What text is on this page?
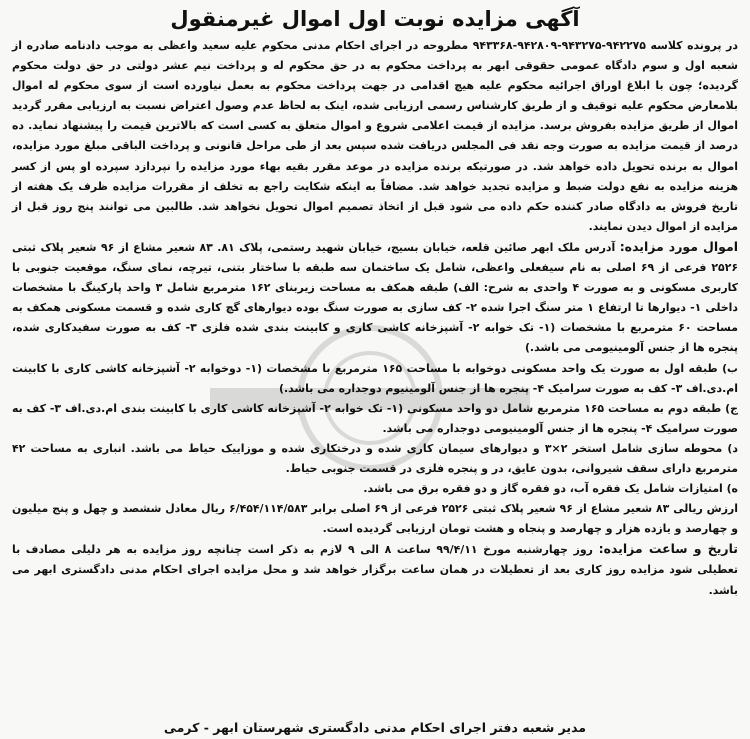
آگهی مزایده نوبت اول اموال غیرمنقول

در پرونده کلاسه ۹۴۲۲۷۵-۹۴۳۲۷۵-۹۴۲۸۰۹-۹۴۳۳۶۸ مطروحه در اجرای احکام مدنی محکوم علیه سعید واعظی به موجب دادنامه صادره از شعبه اول و سوم دادگاه عمومی حقوقی ابهر به پرداخت محکوم به در حق محکوم له و پرداخت نیم عشر دولتی در حق دولت محکوم گردیده؛ چون با ابلاغ اوراق اجرائیه محکوم علیه هیچ اقدامی در جهت پرداخت محکوم به بعمل نیاورده است از سوی محکوم له اموال بلامعارض محکوم علیه توقیف و از طریق کارشناس رسمی ارزیابی شده، اینک به لحاظ عدم وصول اعتراض نسبت به ارزیابی مقرر گردید اموال از طریق مزایده بفروش برسد. مزایده از قیمت اعلامی شروع و اموال متعلق به کسی است که بالاترین قیمت را پیشنهاد نماید. ده درصد از قیمت مزایده به صورت وجه نقد فی المجلس دریافت شده سپس بعد از طی مراحل قانونی و پرداخت الباقی مبلغ مورد مزایده، اموال به برنده تحویل داده خواهد شد. در صورتیکه برنده مزایده در موعد مقرر بقیه بهاء مورد مزایده را نپردازد سپرده او پس از کسر هزینه مزایده به نفع دولت ضبط و مزایده تجدید خواهد شد. مضافاً به اینکه شکایت راجع به تخلف از مقررات مزایده ظرف یک هفته از تاریخ فروش به دادگاه صادر کننده حکم داده می شود قبل از اتخاذ تصمیم اموال تحویل نخواهد شد. طالبین می توانند پنج روز قبل از مزایده از اموال دیدن نمایند.

اموال مورد مزایده: آدرس ملک ابهر صائین قلعه، خیابان بسیج، خیابان شهید رستمی، پلاک ۸۱. ۸۳ شعیر مشاع از ۹۶ شعیر پلاک ثبتی ۲۵۲۶ فرعی از ۶۹ اصلی به نام سیفعلی واعظی، شامل یک ساختمان سه طبقه با ساختار بتنی، تیرچه، نمای سنگ، موقعیت جنوبی با کاربری مسکونی و به صورت ۴ واحدی به شرح: الف) طبقه همکف به مساحت زیربنای ۱۶۲ مترمربع شامل ۳ واحد پارکینگ با مشخصات داخلی ۱- دیوارها تا ارتفاع ۱ متر سنگ اجرا شده ۲- کف سازی به صورت سنگ بوده دیوارهای گچ کاری شده و قسمت مسکونی همکف به مساحت ۶۰ مترمربع با مشخصات (۱- تک خوابه ۲- آشپزخانه کاشی کاری و کابینت بندی شده فلزی ۳- کف به صورت سفیدکاری شده، پنجره ها از جنس آلومینیومی می باشد.)

ب) طبقه اول به صورت یک واحد مسکونی دوخوابه با مساحت ۱۶۵ مترمربع با مشخصات (۱- دوخوابه ۲- آشپزخانه کاشی کاری با کابینت ام.دی.اف ۳- کف به صورت سرامیک ۴- پنجره ها از جنس آلومینیوم دوجداره می باشد.)

ج) طبقه دوم به مساحت ۱۶۵ مترمربع شامل دو واحد مسکونی (۱- تک خوابه ۲- آشپزخانه کاشی کاری با کابینت بندی ام.دی.اف ۳- کف به صورت سرامیک ۴- پنجره ها از جنس آلومینیومی دوجداره می باشد.

د) محوطه سازی شامل استخر ۲×۳ و دیوارهای سیمان کاری شده و درختکاری شده و موزاییک حیاط می باشد. انباری به مساحت ۴۲ مترمربع دارای سقف شیروانی، بدون عایق، در و پنجره فلزی در قسمت جنوبی حیاط.

ه) امتیازات شامل یک فقره آب، دو فقره گاز و دو فقره برق می باشد.

ارزش ریالی ۸۳ شعیر مشاع از ۹۶ شعیر پلاک ثبتی ۲۵۲۶ فرعی از ۶۹ اصلی برابر ۶/۴۵۴/۱۱۴/۵۸۳ ریال معادل ششصد و چهل و پنج میلیون و چهارصد و یازده هزار و چهارصد و پنجاه و هشت تومان ارزیابی گردیده است.

تاریخ و ساعت مزایده: روز چهارشنبه مورخ ۹۹/۴/۱۱ ساعت ۸ الی ۹ لازم به ذکر است چنانچه روز مزایده به هر دلیلی مصادف با تعطیلی شود مزایده روز کاری بعد از تعطیلات در همان ساعت برگزار خواهد شد و محل مزایده اجرای احکام مدنی دادگستری ابهر می باشد.

مدیر شعبه دفتر اجرای احکام مدنی دادگستری شهرستان ابهر - کرمی
